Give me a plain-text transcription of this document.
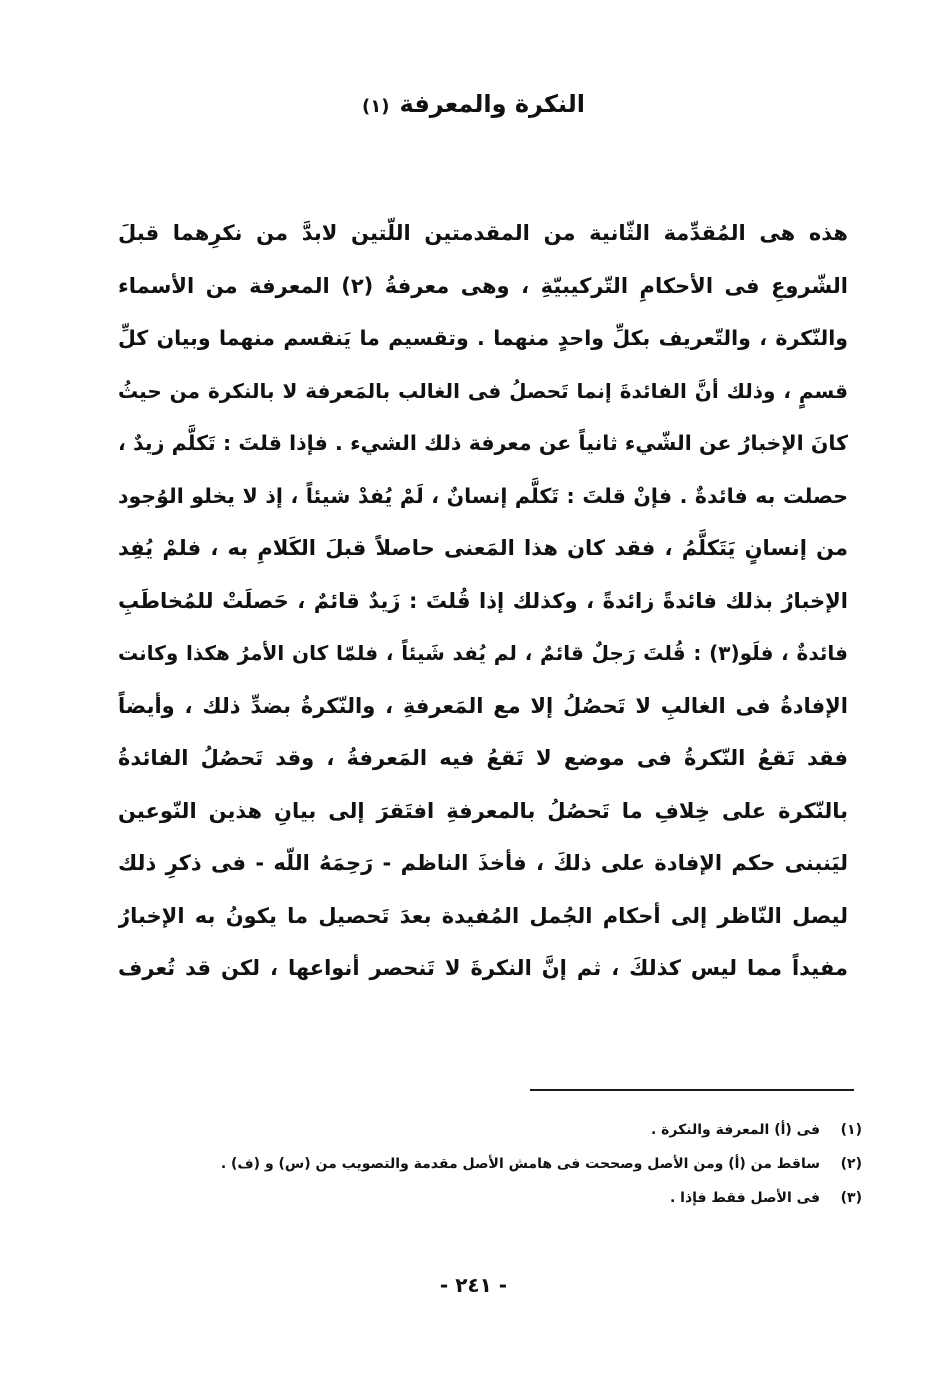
النكرة والمعرفة(١)
هذه هى المُقدِّمة الثّانية من المقدمتين اللّتين لابدَّ من نكرِهما قبلَ
الشّروعِ فى الأحكامِ التّركيبيّةِ ، وهى معرفةُ (٢) المعرفة من الأسماء
والنّكرة ، والتّعريف بكلِّ واحدٍ منهما . وتقسيم ما يَنقسم منهما وبيان كلِّ
قسمٍ ، وذلك أنَّ الفائدةَ إنما تَحصلُ فى الغالب بالمَعرفة لا بالنكرة من حيثُ
كانَ الإخبارُ عن الشّيء ثانياً عن معرفة ذلك الشيء . فإذا قلتَ : تَكلَّم زيدٌ ،
حصلت به فائدةٌ . فإنْ قلتَ : تَكلَّم إنسانٌ ، لَمْ يُفدْ شيئاً ، إذ لا يخلو الوُجود
من إنسانٍ يَتَكلَّمُ ، فقد كان هذا المَعنى حاصلاً قبلَ الكَلامِ به ، فلمْ يُفِد
الإخبارُ بذلك فائدةً زائدةً ، وكذلك إذا قُلتَ : زَيدٌ قائمٌ ، حَصلَتْ للمُخاطَبِ
فائدةٌ ، فلَو(٣) : قُلتَ رَجلٌ قائمٌ ، لم يُفد شَيئاً ، فلمّا كان الأمرُ هكذا وكانت
الإفادةُ فى الغالبِ لا تَحصُلُ إلا مع المَعرفةِ ، والنّكرةُ بضدِّ ذلك ، وأيضاً
فقد تَقعُ النّكرةُ فى موضع لا تَقعُ فيه المَعرفةُ ، وقد تَحصُلُ الفائدةُ
بالنّكرة على خِلافِ ما تَحصُلُ بالمعرفةِ افتَقرَ إلى بيانِ هذين النّوعين
ليَنبنى حكم الإفادة على ذلكَ ، فأخذَ الناظم - رَحِمَهُ اللّه - فى ذكرِ ذلك
ليصل النّاظر إلى أحكام الجُمل المُفيدة بعدَ تَحصيل ما يكونُ به الإخبارُ
مفيداً مما ليس كذلكَ ، ثم إنَّ النكرةَ لا تَنحصر أنواعها ، لكن قد تُعرف
(١)فى (أ) المعرفة والنكرة .
(٢)ساقط من (أ) ومن الأصل وصححت فى هامش الأصل مقدمة والتصويب من (س) و (ف) .
(٣)فى الأصل فقط فإذا .
- ٢٤١ -
